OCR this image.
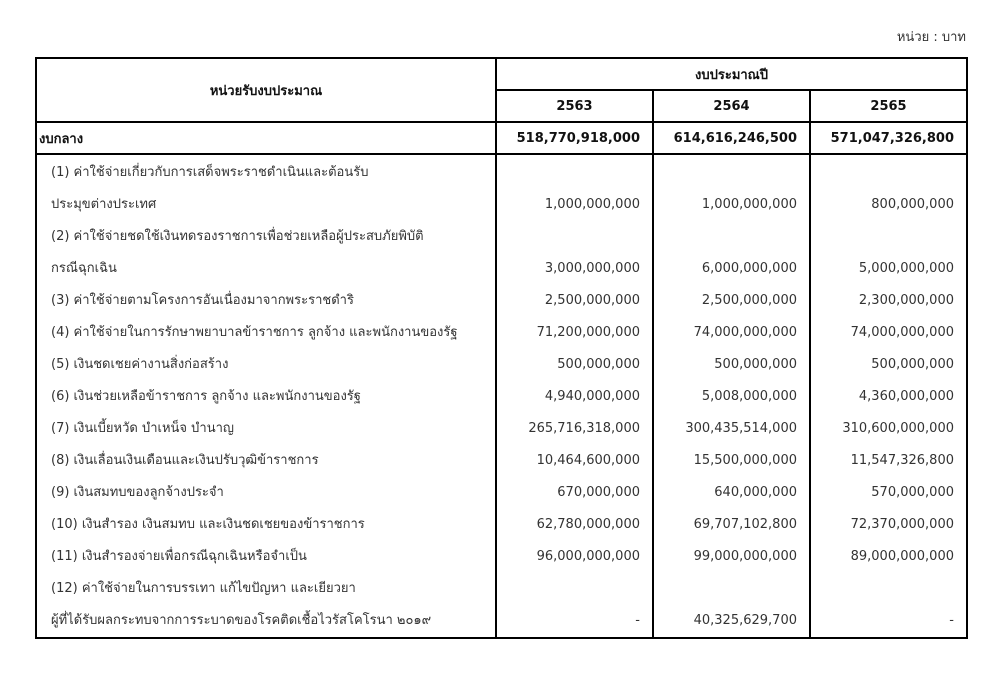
หน่วย : บาท
หน่วยรับงบประมาณ	งบประมาณปี		
	2563	2564	2565
งบกลาง	518,770,918,000	614,616,246,500	571,047,326,800

(1) ค่าใช้จ่ายเกี่ยวกับการเสด็จพระราชดำเนินและต้อนรับ
ประมุขต่างประเทศ	1,000,000,000	1,000,000,000	800,000,000

(2) ค่าใช้จ่ายชดใช้เงินทดรองราชการเพื่อช่วยเหลือผู้ประสบภัยพิบัติ
กรณีฉุกเฉิน	3,000,000,000	6,000,000,000	5,000,000,000

(3) ค่าใช้จ่ายตามโครงการอันเนื่องมาจากพระราชดำริ	2,500,000,000	2,500,000,000	2,300,000,000

(4) ค่าใช้จ่ายในการรักษาพยาบาลข้าราชการ ลูกจ้าง และพนักงานของรัฐ	71,200,000,000	74,000,000,000	74,000,000,000

(5) เงินชดเชยค่างานสิ่งก่อสร้าง	500,000,000	500,000,000	500,000,000

(6) เงินช่วยเหลือข้าราชการ ลูกจ้าง และพนักงานของรัฐ	4,940,000,000	5,008,000,000	4,360,000,000

(7) เงินเบี้ยหวัด บำเหน็จ บำนาญ	265,716,318,000	300,435,514,000	310,600,000,000

(8) เงินเลื่อนเงินเดือนและเงินปรับวุฒิข้าราชการ	10,464,600,000	15,500,000,000	11,547,326,800

(9) เงินสมทบของลูกจ้างประจำ	670,000,000	640,000,000	570,000,000

(10) เงินสำรอง เงินสมทบ และเงินชดเชยของข้าราชการ	62,780,000,000	69,707,102,800	72,370,000,000

(11) เงินสำรองจ่ายเพื่อกรณีฉุกเฉินหรือจำเป็น	96,000,000,000	99,000,000,000	89,000,000,000

(12) ค่าใช้จ่ายในการบรรเทา แก้ไขปัญหา และเยียวยา
ผู้ที่ได้รับผลกระทบจากการระบาดของโรคติดเชื้อไวรัสโคโรนา ๒๐๑๙	-	40,325,629,700	-
